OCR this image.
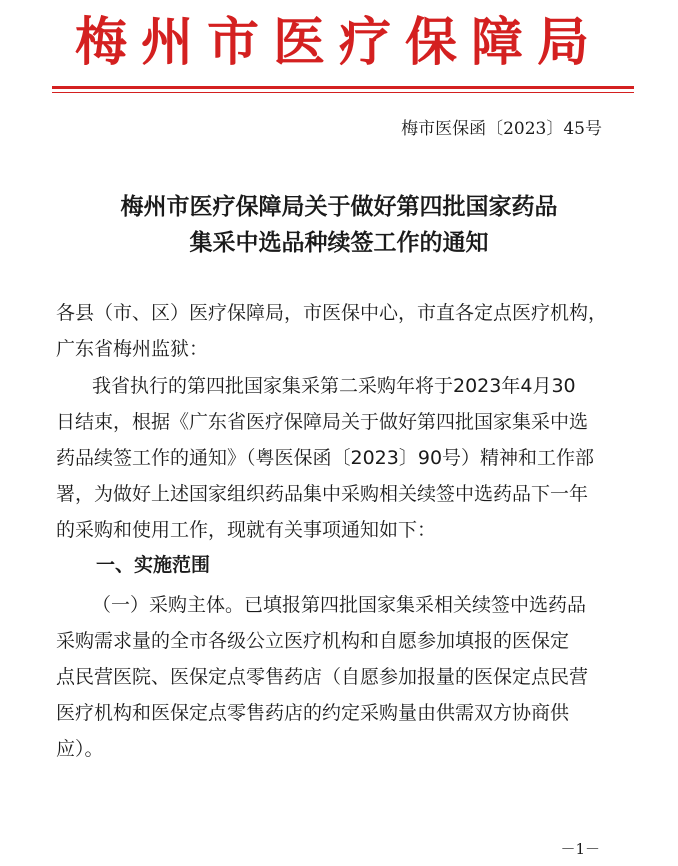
梅州市医疗保障局
梅市医保函〔2023〕45号
梅州市医疗保障局关于做好第四批国家药品
集采中选品种续签工作的通知
各县（市、区）医疗保障局，市医保中心，市直各定点医疗机构，
广东省梅州监狱：
我省执行的第四批国家集采第二采购年将于2023年4月30
日结束，根据《广东省医疗保障局关于做好第四批国家集采中选
药品续签工作的通知》（粤医保函〔2023〕90号）精神和工作部
署，为做好上述国家组织药品集中采购相关续签中选药品下一年
的采购和使用工作，现就有关事项通知如下：
一、实施范围
（一）采购主体。已填报第四批国家集采相关续签中选药品
采购需求量的全市各级公立医疗机构和自愿参加填报的医保定
点民营医院、医保定点零售药店（自愿参加报量的医保定点民营
医疗机构和医保定点零售药店的约定采购量由供需双方协商供
应）。
－1－
